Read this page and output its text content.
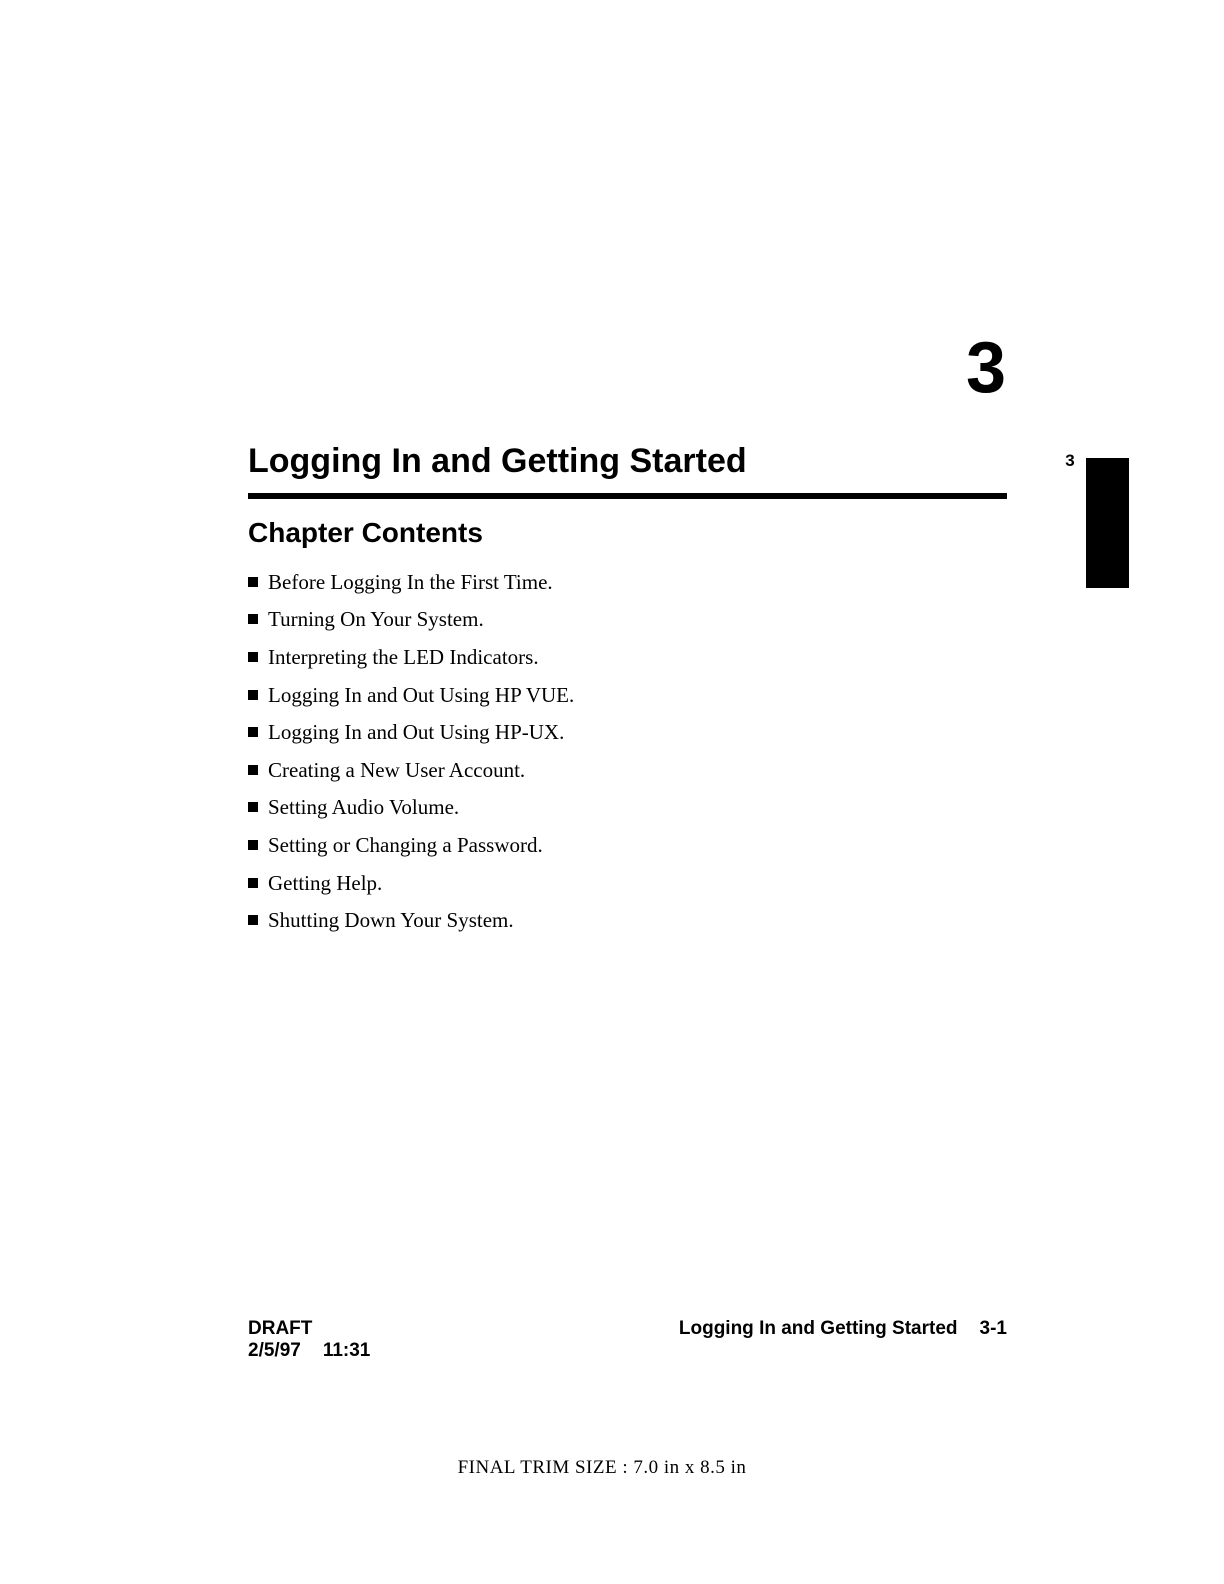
3
Logging In and Getting Started	3
Chapter Contents
Before Logging In the First Time.
Turning On Your System.
Interpreting the LED Indicators.
Logging In and Out Using HP VUE.
Logging In and Out Using HP-UX.
Creating a New User Account.
Setting Audio Volume.
Setting or Changing a Password.
Getting Help.
Shutting Down Your System.
DRAFT
2/5/97 11:31
Logging In and Getting Started 3-1
FINAL TRIM SIZE : 7.0 in x 8.5 in
